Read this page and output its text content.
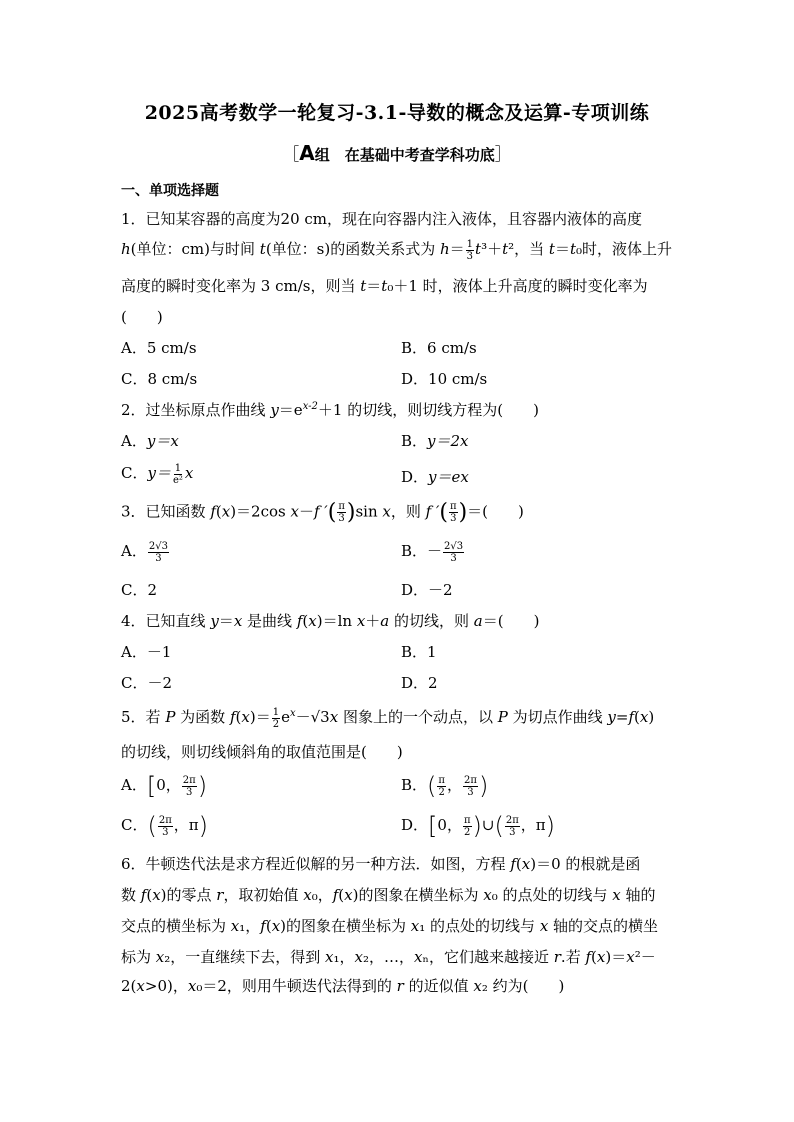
2025高考数学一轮复习-3.1-导数的概念及运算-专项训练
［A组　在基础中考查学科功底］
一、单项选择题
1．已知某容器的高度为20 cm，现在向容器内注入液体，且容器内液体的高度
h(单位：cm)与时间 t(单位：s)的函数关系式为 $h= \frac{1}{3} t^3+t^2$，当 t＝t₀时，液体上升
高度的瞬时变化率为 3 cm/s，则当 t＝t₀＋1 时，液体上升高度的瞬时变化率为
(　　)
A．5 cm/s	B．6 cm/s
C．8 cm/s	D．10 cm/s
2．过坐标原点作曲线 $y=e^{x-2}+1$ 的切线，则切线方程为(　　)
A．y＝x	B．y＝2x
C．$y= \frac{1}{\text{e²}}$ x	D．y＝ex
3．已知函数 f(x)＝2cos x－f ′( $\frac{\pi}{3} )\sin$ x，则 f ′( $\frac{\pi}{3}$ )＝(　　)
A． $\frac{2√3}{3}$	B．－ $\frac{2√3}{3}$
C．2	D．－2
4．已知直线 y＝x 是曲线 f(x)＝ln x＋a 的切线，则 a＝(　　)
A．－1	B．1
C．－2	D．2
5．若 P 为函数 $f(x)= \frac{1}{2} e^x-√3x$ 图象上的一个动点，以 P 为切点作曲线 y=f(x)
的切线，则切线倾斜角的取值范围是(　　)
A．[0， $\frac{2\pi}{3}$ )	B．( $\frac{\pi}{2}$ ， $\frac{2\pi}{3}$ )
C．( $\frac{2\pi}{3}$ ，π)	D．[0， $\frac{\pi}{2}$ )∪( $\frac{2\pi}{3}$ ，π)
6．牛顿迭代法是求方程近似解的另一种方法．如图，方程 f(x)＝0 的根就是函
数 f(x)的零点 r，取初始值 x₀，f(x)的图象在横坐标为 x₀ 的点处的切线与 x 轴的
交点的横坐标为 x₁，f(x)的图象在横坐标为 x₁ 的点处的切线与 x 轴的交点的横坐
标为 x₂，一直继续下去，得到 x₁，x₂，…，xₙ，它们越来越接近 r.若 f(x)＝x²－
2(x>0)，x₀＝2，则用牛顿迭代法得到的 r 的近似值 x₂ 约为(　　)
